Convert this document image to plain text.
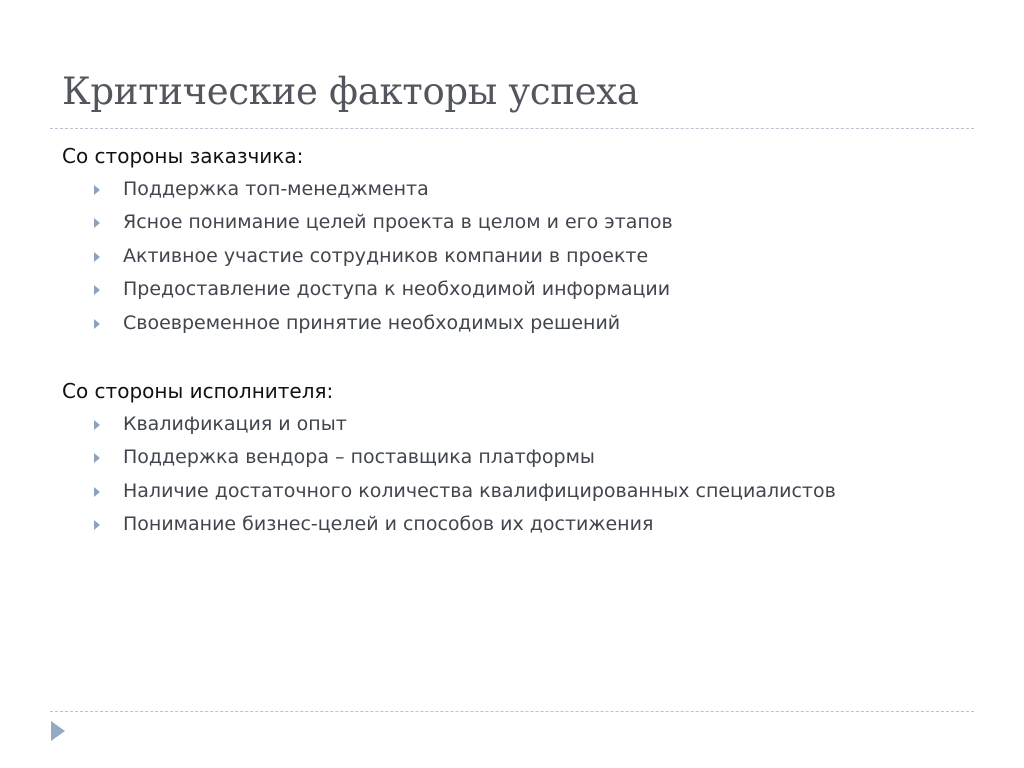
Критические факторы успеха
Со стороны заказчика:
Поддержка топ-менеджмента
Ясное понимание целей проекта в целом и его этапов
Активное участие сотрудников компании в проекте
Предоставление доступа к необходимой информации
Своевременное принятие необходимых решений
Со стороны исполнителя:
Квалификация и опыт
Поддержка вендора – поставщика платформы
Наличие достаточного количества квалифицированных специалистов
Понимание бизнес-целей и способов их достижения
